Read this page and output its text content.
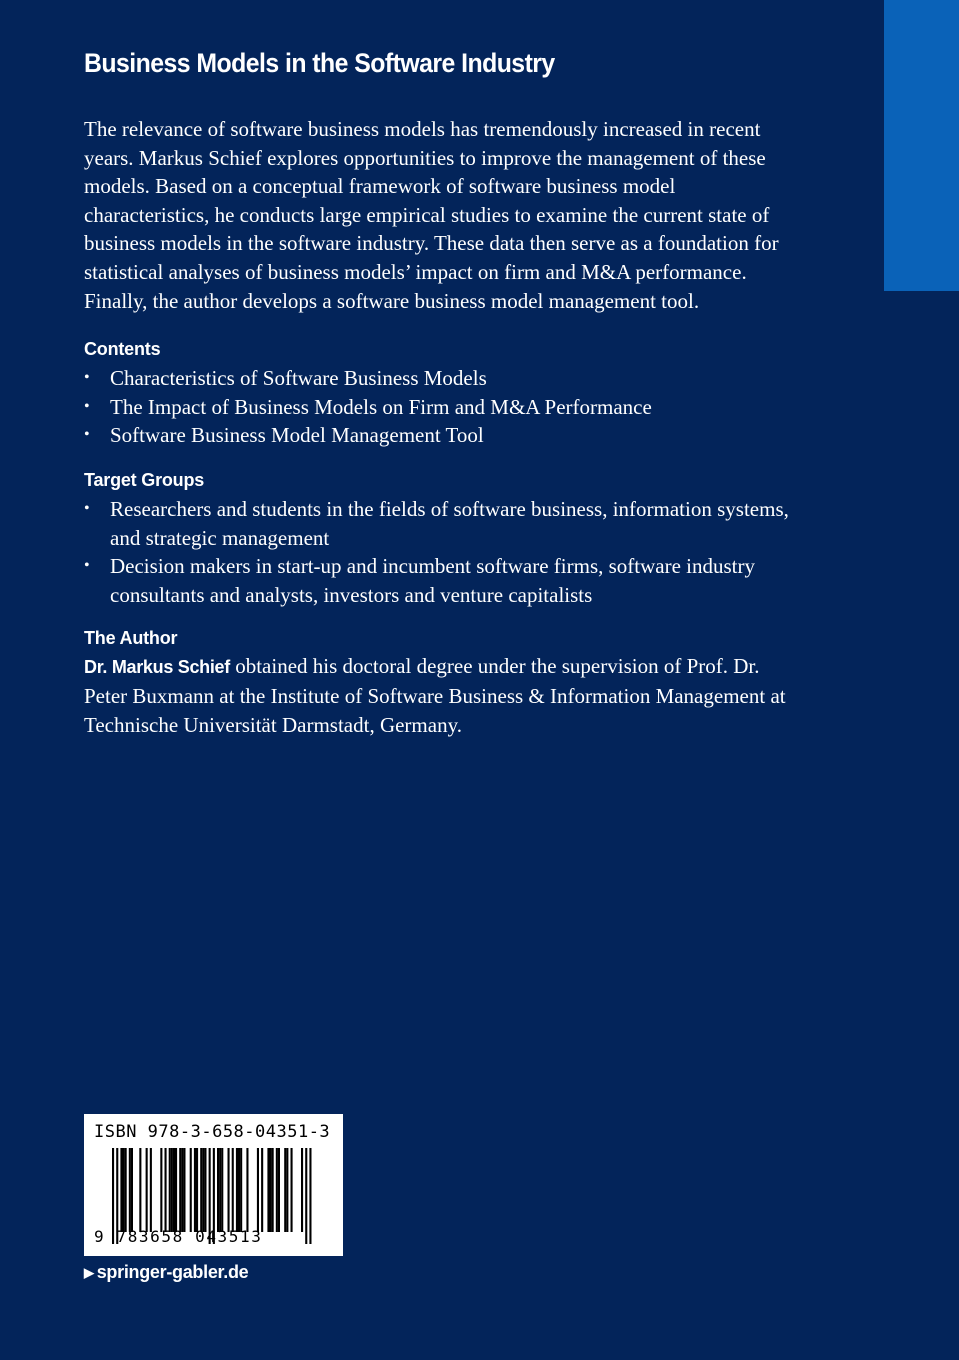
Business Models in the Software Industry

The relevance of software business models has tremendously increased in recent years. Markus Schief explores opportunities to improve the management of these models. Based on a conceptual framework of software business model characteristics, he conducts large empirical studies to examine the current state of business models in the software industry. These data then serve as a foundation for statistical analyses of business models’ impact on firm and M&A performance. Finally, the author develops a software business model management tool.

Contents
• Characteristics of Software Business Models
• The Impact of Business Models on Firm and M&A Performance
• Software Business Model Management Tool
Target Groups
• Researchers and students in the fields of software business, information systems, and strategic management
• Decision makers in start-up and incumbent software firms, software industry consultants and analysts, investors and venture capitalists
The Author

Dr. Markus Schief obtained his doctoral degree under the supervision of Prof. Dr. Peter Buxmann at the Institute of Software Business & Information Management at Technische Universität Darmstadt, Germany.

ISBN 978-3-658-04351-3
9 783658 043513
▶ springer-gabler.de
